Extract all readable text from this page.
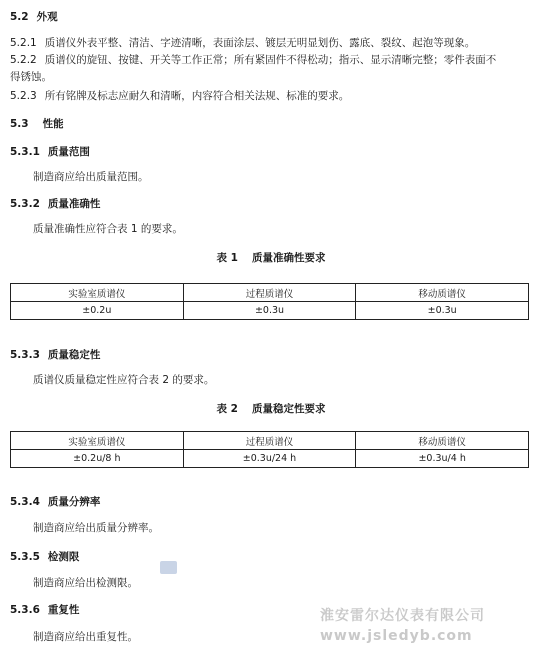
5.2 外观
5.2.1 质谱仪外表平整、清洁、字迹清晰，表面涂层、镀层无明显划伤、露底、裂纹、起泡等现象。
5.2.2 质谱仪的旋钮、按键、开关等工作正常；所有紧固件不得松动；指示、显示清晰完整；零件表面不
得锈蚀。
5.2.3 所有铭牌及标志应耐久和清晰，内容符合相关法规、标准的要求。
5.3 性能
5.3.1 质量范围
制造商应给出质量范围。
5.3.2 质量准确性
质量准确性应符合表 1 的要求。
表 1 质量准确性要求
实验室质谱仪	过程质谱仪	移动质谱仪
±0.2u	±0.3u	±0.3u
5.3.3 质量稳定性
质谱仪质量稳定性应符合表 2 的要求。
表 2 质量稳定性要求
实验室质谱仪	过程质谱仪	移动质谱仪
±0.2u/8 h	±0.3u/24 h	±0.3u/4 h
5.3.4 质量分辨率
制造商应给出质量分辨率。
5.3.5 检测限
制造商应给出检测限。
5.3.6 重复性
制造商应给出重复性。
淮安雷尔达仪表有限公司
www.jsledyb.com
